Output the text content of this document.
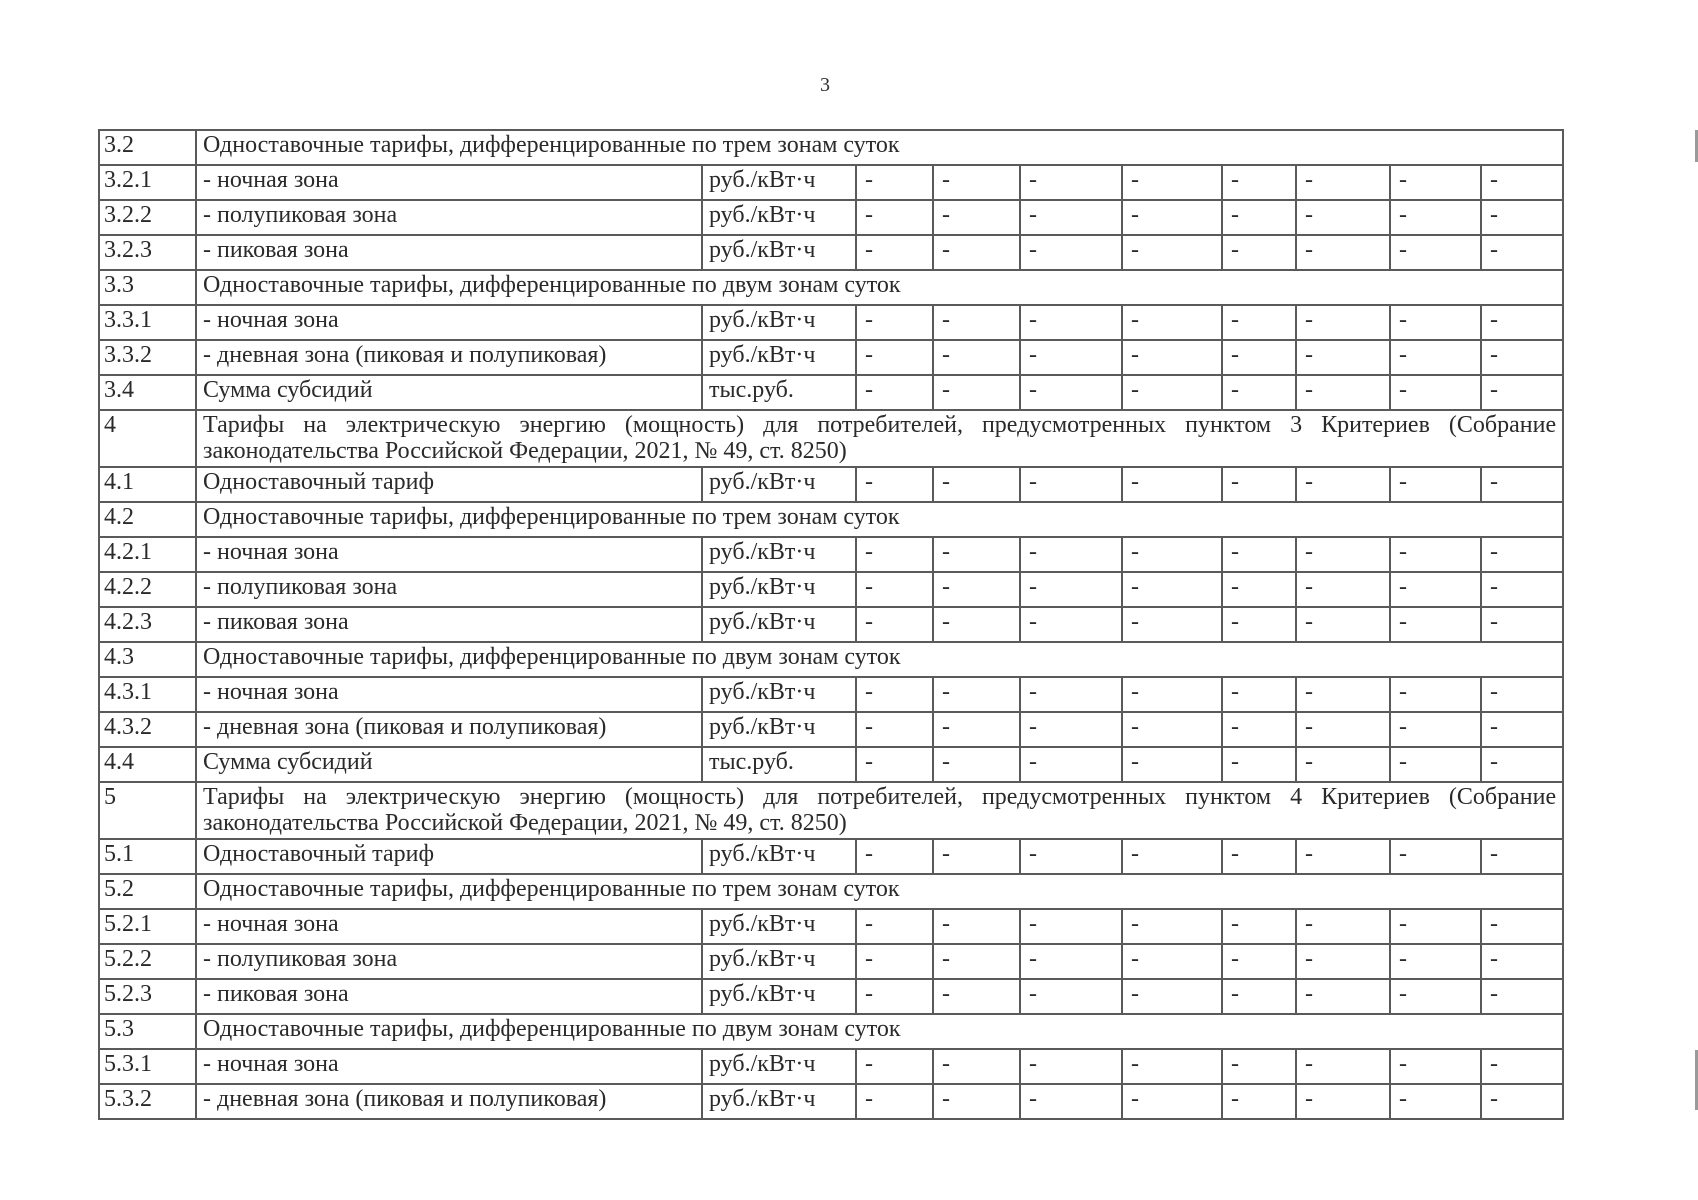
3
3.2	Одноставочные тарифы, дифференцированные по трем зонам суток									
3.2.1	- ночная зона	руб./кВт·ч	-	-	-	-	-	-	-	-
3.2.2	- полупиковая зона	руб./кВт·ч	-	-	-	-	-	-	-	-
3.2.3	- пиковая зона	руб./кВт·ч	-	-	-	-	-	-	-	-
3.3	Одноставочные тарифы, дифференцированные по двум зонам суток									
3.3.1	- ночная зона	руб./кВт·ч	-	-	-	-	-	-	-	-
3.3.2	- дневная зона (пиковая и полупиковая)	руб./кВт·ч	-	-	-	-	-	-	-	-
3.4	Сумма субсидий	тыс.руб.	-	-	-	-	-	-	-	-
4	Тарифы на электрическую энергию (мощность) для потребителей, предусмотренных пунктом 3 Критериев (Собрание законодательства Российской Федерации, 2021, № 49, ст. 8250)									
4.1	Одноставочный тариф	руб./кВт·ч	-	-	-	-	-	-	-	-
4.2	Одноставочные тарифы, дифференцированные по трем зонам суток									
4.2.1	- ночная зона	руб./кВт·ч	-	-	-	-	-	-	-	-
4.2.2	- полупиковая зона	руб./кВт·ч	-	-	-	-	-	-	-	-
4.2.3	- пиковая зона	руб./кВт·ч	-	-	-	-	-	-	-	-
4.3	Одноставочные тарифы, дифференцированные по двум зонам суток									
4.3.1	- ночная зона	руб./кВт·ч	-	-	-	-	-	-	-	-
4.3.2	- дневная зона (пиковая и полупиковая)	руб./кВт·ч	-	-	-	-	-	-	-	-
4.4	Сумма субсидий	тыс.руб.	-	-	-	-	-	-	-	-
5	Тарифы на электрическую энергию (мощность) для потребителей, предусмотренных пунктом 4 Критериев (Собрание законодательства Российской Федерации, 2021, № 49, ст. 8250)									
5.1	Одноставочный тариф	руб./кВт·ч	-	-	-	-	-	-	-	-
5.2	Одноставочные тарифы, дифференцированные по трем зонам суток									
5.2.1	- ночная зона	руб./кВт·ч	-	-	-	-	-	-	-	-
5.2.2	- полупиковая зона	руб./кВт·ч	-	-	-	-	-	-	-	-
5.2.3	- пиковая зона	руб./кВт·ч	-	-	-	-	-	-	-	-
5.3	Одноставочные тарифы, дифференцированные по двум зонам суток									
5.3.1	- ночная зона	руб./кВт·ч	-	-	-	-	-	-	-	-
5.3.2	- дневная зона (пиковая и полупиковая)	руб./кВт·ч	-	-	-	-	-	-	-	-
